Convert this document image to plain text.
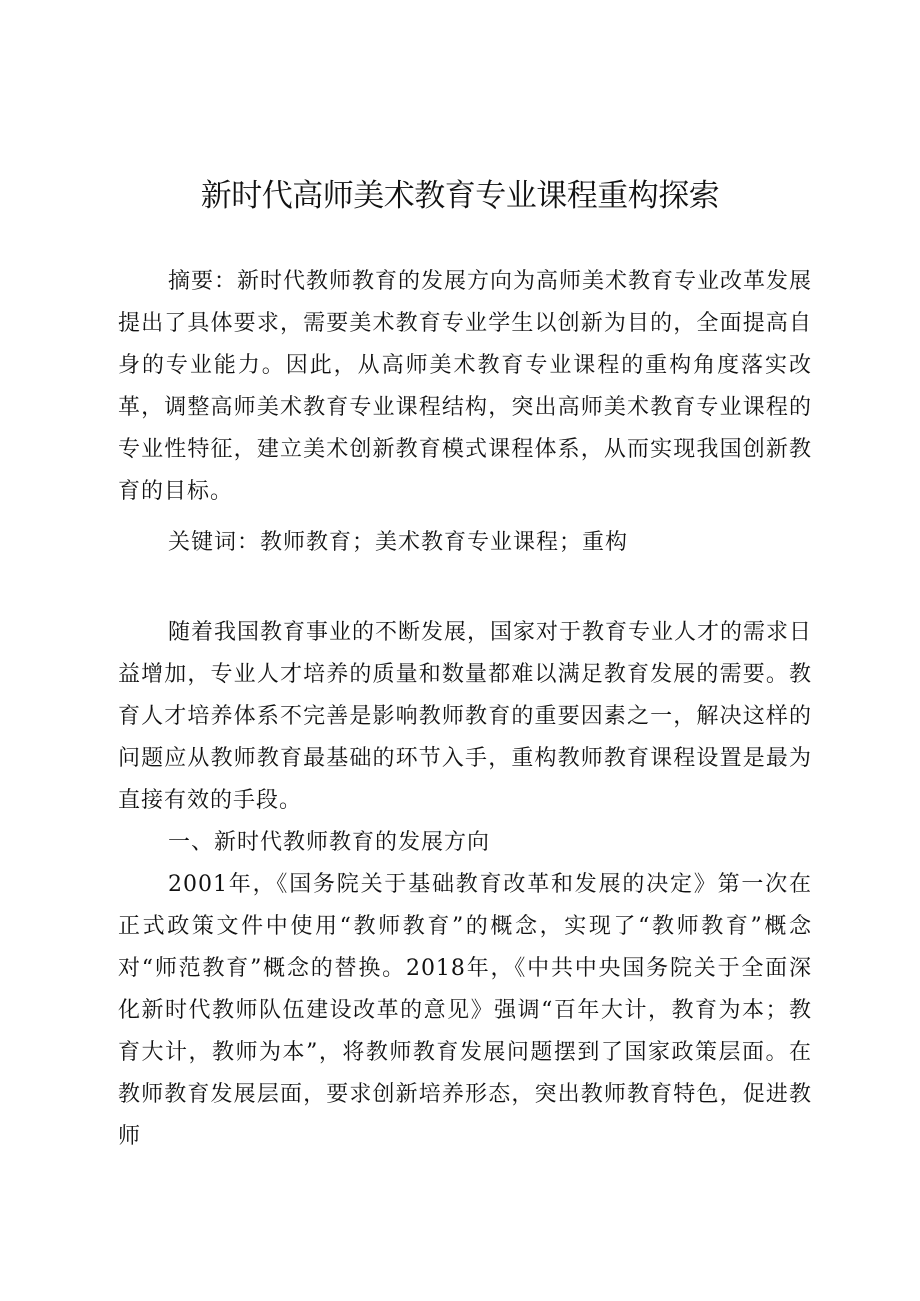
新时代高师美术教育专业课程重构探索

摘要：新时代教师教育的发展方向为高师美术教育专业改革发展提出了具体要求，需要美术教育专业学生以创新为目的，全面提高自身的专业能力。因此，从高师美术教育专业课程的重构角度落实改革，调整高师美术教育专业课程结构，突出高师美术教育专业课程的专业性特征，建立美术创新教育模式课程体系，从而实现我国创新教育的目标。

关键词：教师教育；美术教育专业课程；重构

随着我国教育事业的不断发展，国家对于教育专业人才的需求日益增加，专业人才培养的质量和数量都难以满足教育发展的需要。教育人才培养体系不完善是影响教师教育的重要因素之一，解决这样的问题应从教师教育最基础的环节入手，重构教师教育课程设置是最为直接有效的手段。

一、新时代教师教育的发展方向

2001年，《国务院关于基础教育改革和发展的决定》第一次在正式政策文件中使用“教师教育”的概念，实现了“教师教育”概念对“师范教育”概念的替换。2018年，《中共中央国务院关于全面深化新时代教师队伍建设改革的意见》强调“百年大计，教育为本；教育大计，教师为本”，将教师教育发展问题摆到了国家政策层面。在教师教育发展层面，要求创新培养形态，突出教师教育特色，促进教师
